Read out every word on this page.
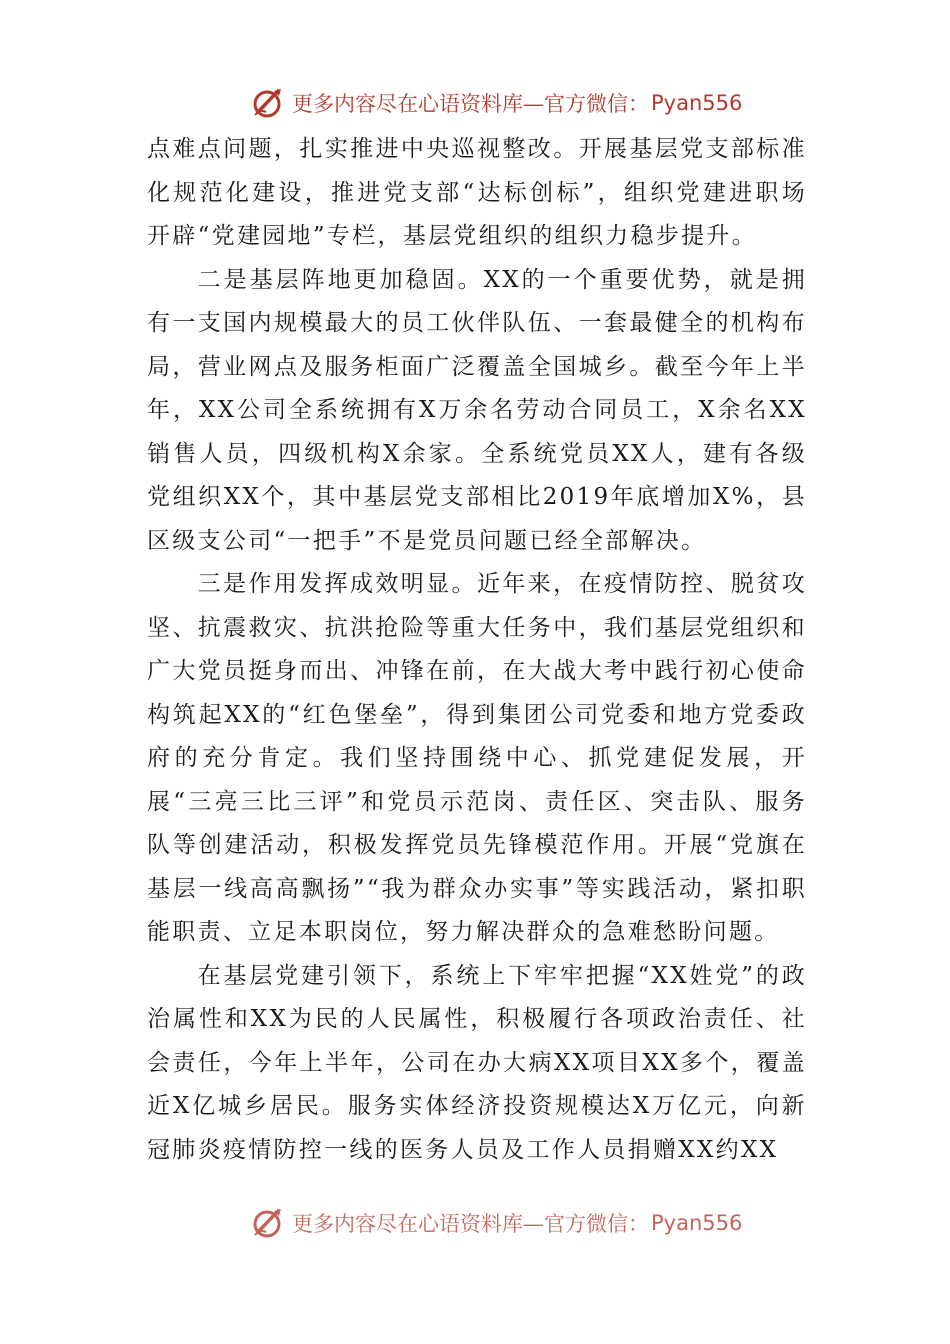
更多内容尽在心语资料库—官方微信： Pyan556

点难点问题，扎实推进中央巡视整改。开展基层党支部标准化规范化建设，推进党支部“达标创标”，组织党建进职场开辟“党建园地”专栏，基层党组织的组织力稳步提升。

二是基层阵地更加稳固。XX的一个重要优势，就是拥有一支国内规模最大的员工伙伴队伍、一套最健全的机构布局，营业网点及服务柜面广泛覆盖全国城乡。截至今年上半年，XX公司全系统拥有X万余名劳动合同员工，X余名XX销售人员，四级机构X余家。全系统党员XX人，建有各级党组织XX个，其中基层党支部相比2019年底增加X%，县区级支公司“一把手”不是党员问题已经全部解决。

三是作用发挥成效明显。近年来，在疫情防控、脱贫攻坚、抗震救灾、抗洪抢险等重大任务中，我们基层党组织和广大党员挺身而出、冲锋在前，在大战大考中践行初心使命构筑起XX的“红色堡垒”，得到集团公司党委和地方党委政府的充分肯定。我们坚持围绕中心、抓党建促发展，开展“三亮三比三评”和党员示范岗、责任区、突击队、服务队等创建活动，积极发挥党员先锋模范作用。开展“党旗在基层一线高高飘扬”“我为群众办实事”等实践活动，紧扣职能职责、立足本职岗位，努力解决群众的急难愁盼问题。

在基层党建引领下，系统上下牢牢把握“XX姓党”的政治属性和XX为民的人民属性，积极履行各项政治责任、社会责任，今年上半年，公司在办大病XX项目XX多个，覆盖近X亿城乡居民。服务实体经济投资规模达X万亿元，向新冠肺炎疫情防控一线的医务人员及工作人员捐赠XX约XX

更多内容尽在心语资料库—官方微信： Pyan556
